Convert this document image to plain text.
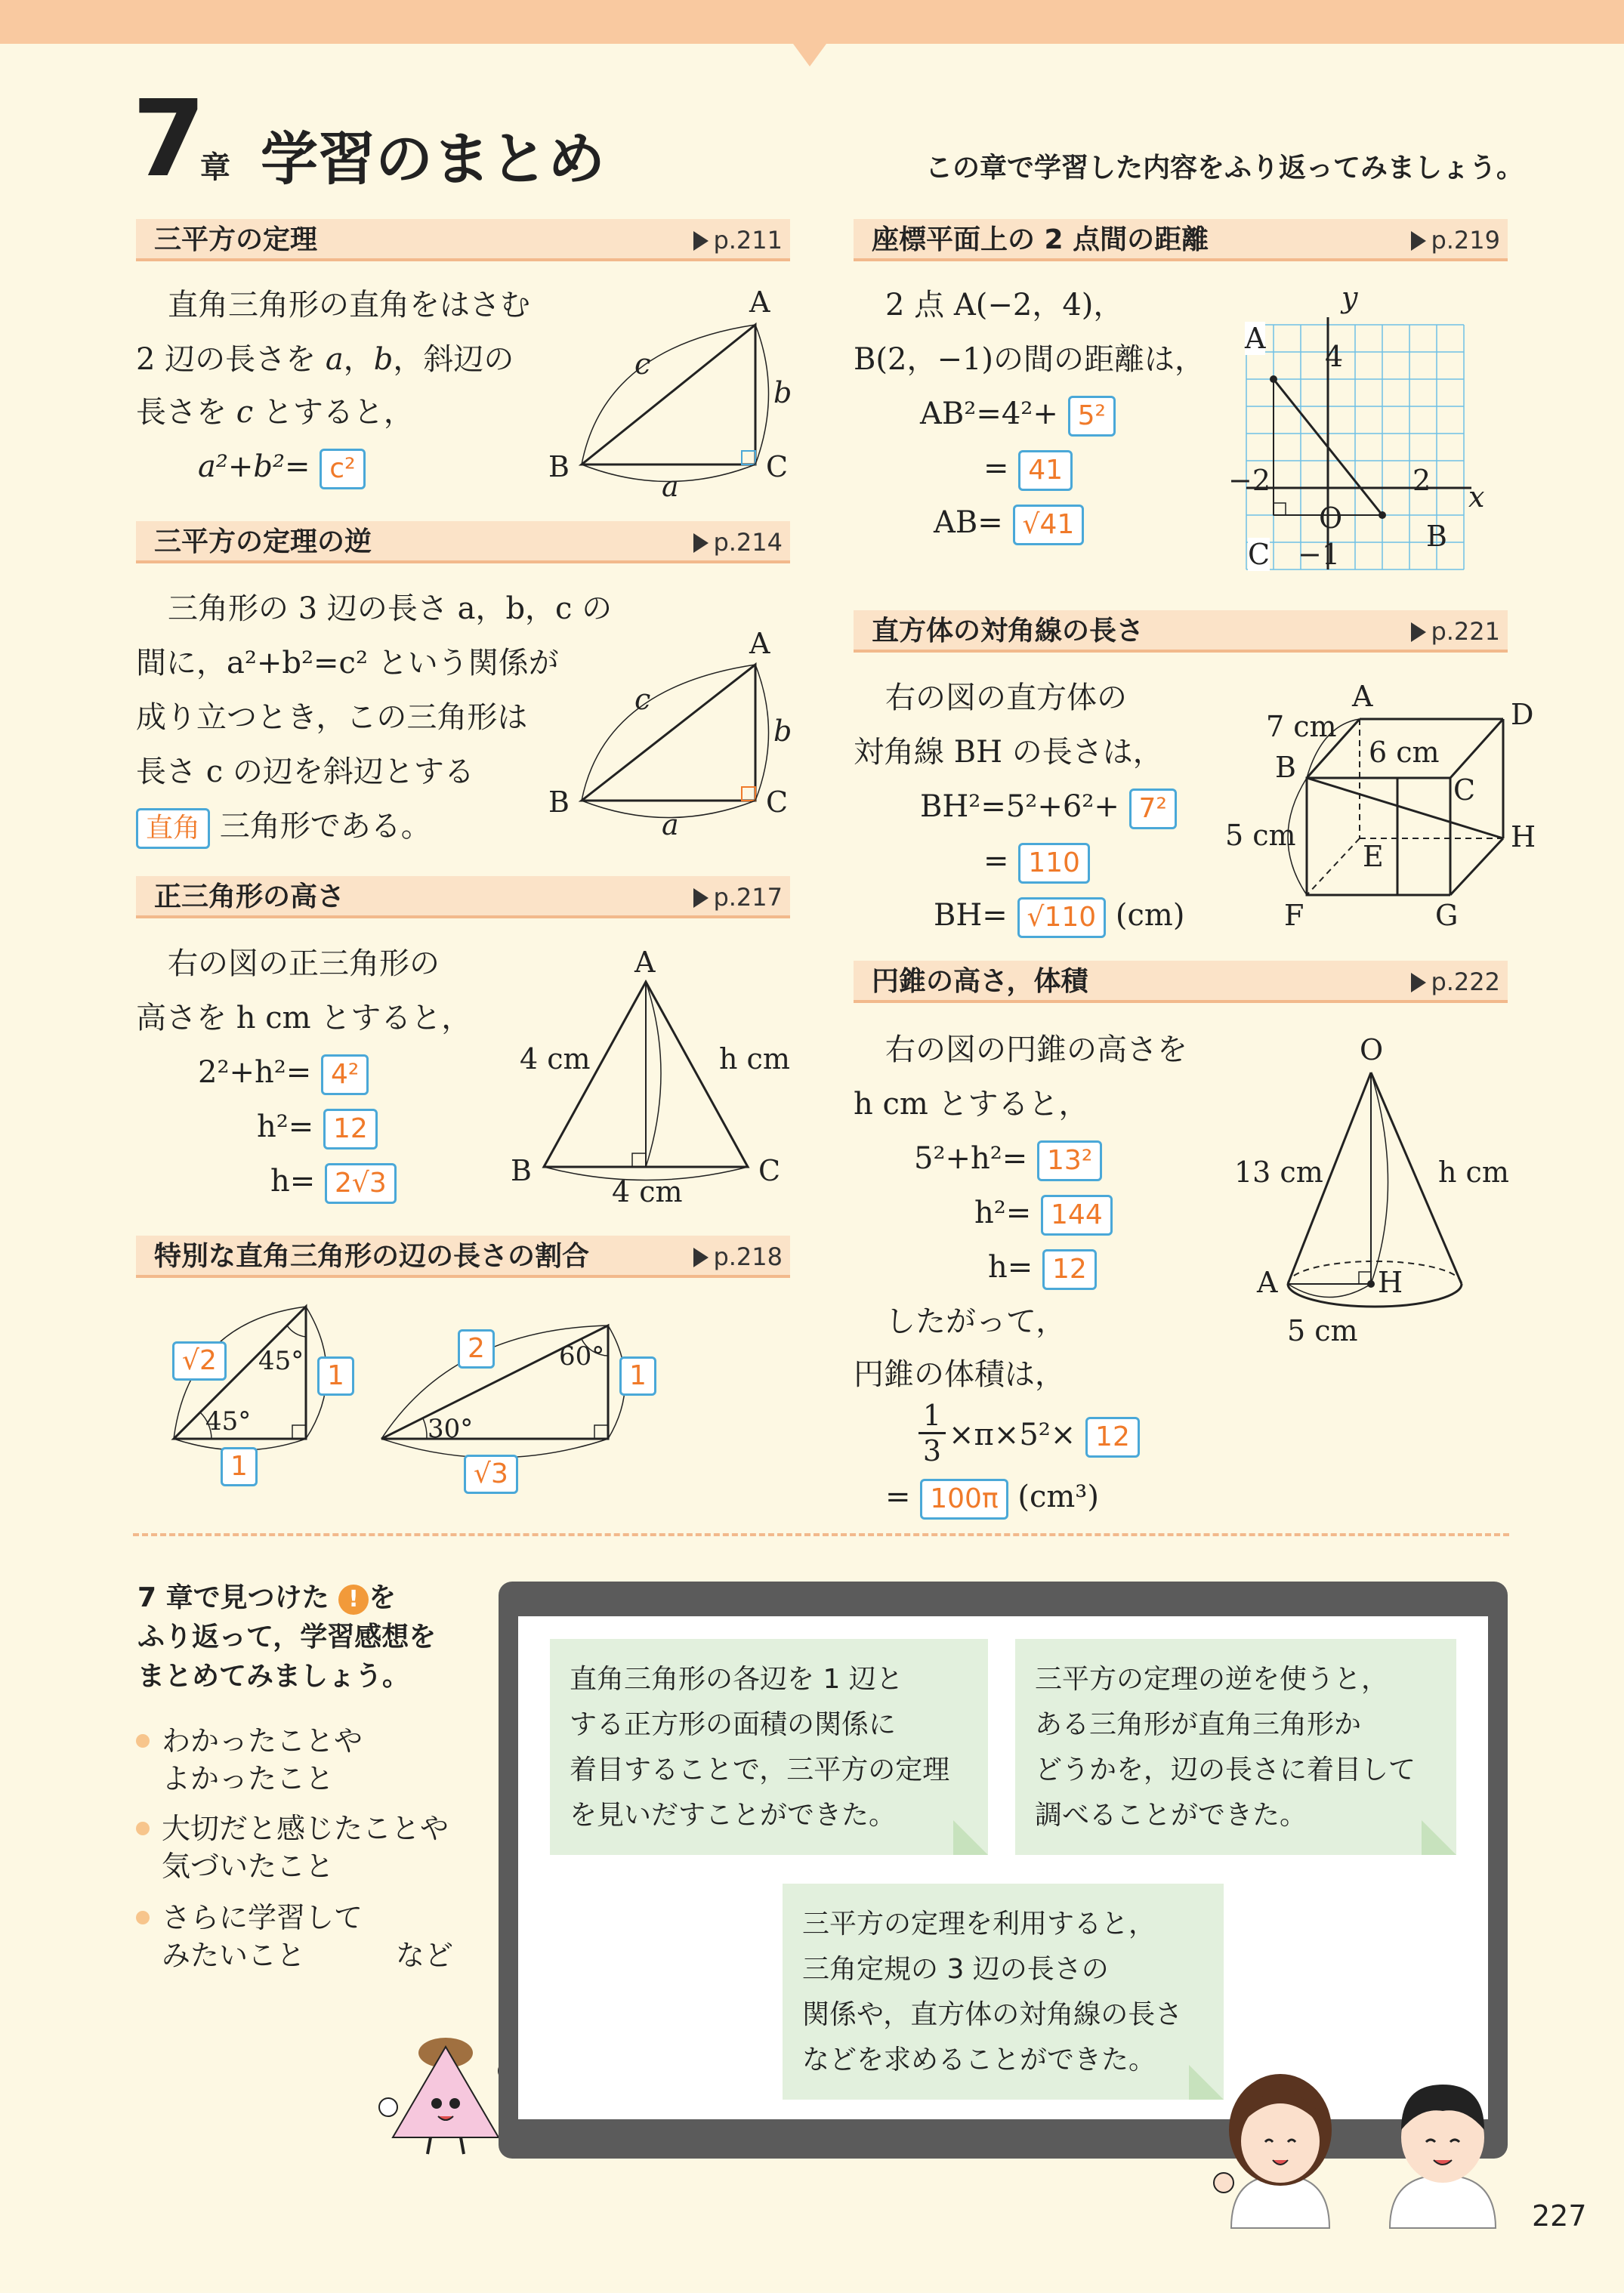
7
章 学習のまとめ	この章で学習した内容をふり返ってみましょう。
三平方の定理	p.211
直角三角形の直角をはさむ
2 辺の長さを a，b，斜辺の
長さを c とすると，
a²+b²= c²
A
B	C
c
b
a
三平方の定理の逆	p.214
三角形の 3 辺の長さ a，b，c の
間に，a²+b²=c² という関係が
成り立つとき，この三角形は
長さ c の辺を斜辺とする
直角 三角形である。
A
B	C
c
b
a
正三角形の高さ	p.217
右の図の正三角形の
高さを h cm とすると，
2²+h²= 4²
h²= 12
h= 2√3
A
B	C
4 cm
4 cm
h cm
特別な直角三角形の辺の長さの割合	p.218
√2	1
1
45°
45°
2
1
√3
60°
30°
座標平面上の 2 点間の距離	p.219
2 点 A(−2，4)，
B(2，−1)の間の距離は，
AB²=4²+ 5²
= 41
AB= √41
y
x
A
B
C
O
4
2
−2
−1
直方体の対角線の長さ	p.221
右の図の直方体の
対角線 BH の長さは，
BH²=5²+6²+ 7²
= 110
BH= √110 (cm)
A
B
C
D
E
F	G
H
7 cm
6 cm
5 cm
円錐の高さ，体積	p.222
右の図の円錐の高さを
h cm とすると，
5²+h²= 13²
h²= 144
h= 12
したがって，
円錐の体積は，
1
3 ×π×5²× 12
= 100π (cm³)
O
A	H
13 cm	h cm
5 cm
7 章で見つけた ! を
ふり返って，学習感想を
まとめてみましょう。
わかったことや
よかったこと
大切だと感じたことや
気づいたこと
さらに学習して
みたいこと	など
直角三角形の各辺を 1 辺と
する正方形の面積の関係に
着目することで，三平方の定理
を見いだすことができた。
三平方の定理の逆を使うと，
ある三角形が直角三角形か
どうかを，辺の長さに着目して
調べることができた。
三平方の定理を利用すると，
三角定規の 3 辺の長さの
関係や，直方体の対角線の長さ
などを求めることができた。
227
